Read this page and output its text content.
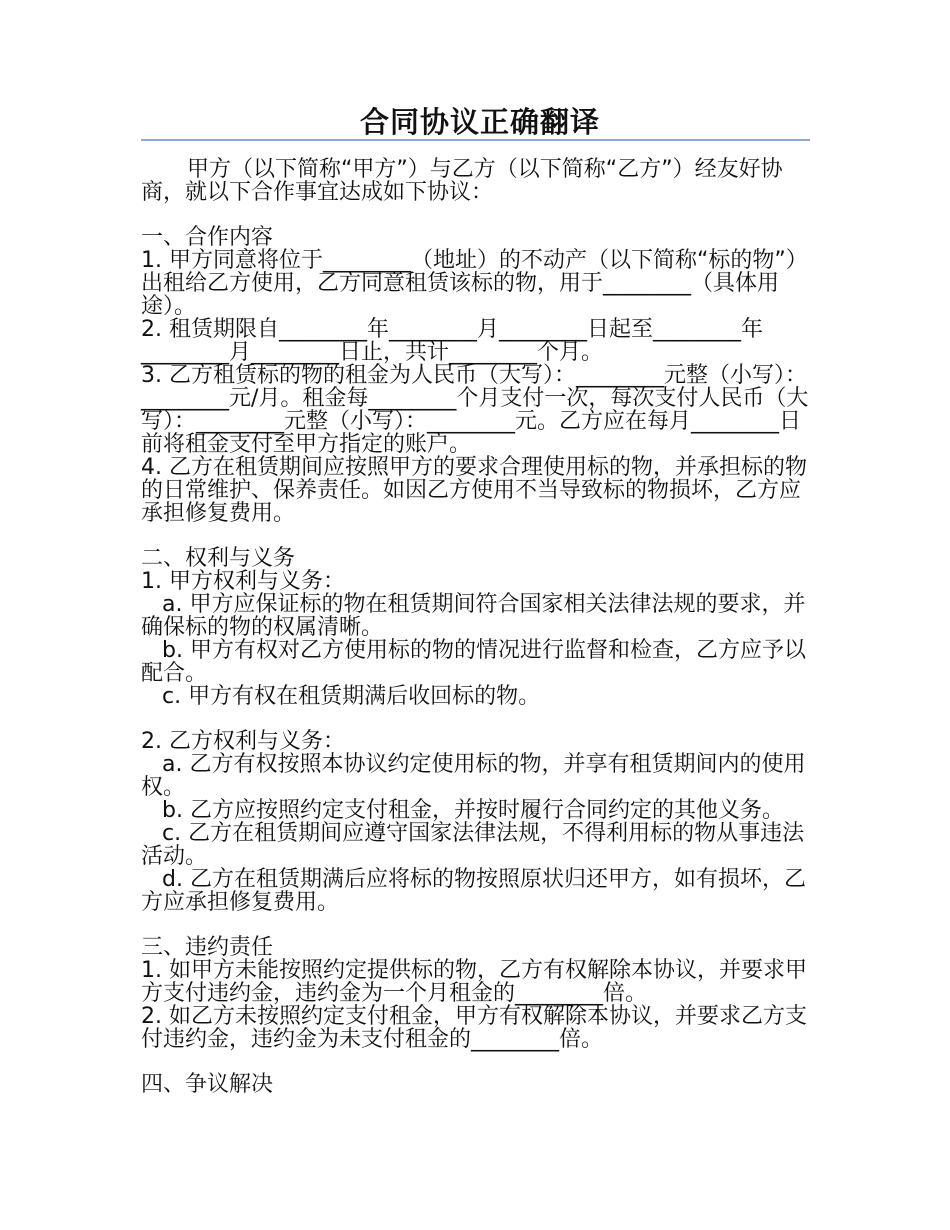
合同协议正确翻译

甲方（以下简称“甲方”）与乙方（以下简称“乙方”）经友好协商，就以下合作事宜达成如下协议：

一、合作内容

1. 甲方同意将位于________（地址）的不动产（以下简称“标的物”）出租给乙方使用，乙方同意租赁该标的物，用于________（具体用途）。

2. 租赁期限自________年________月________日起至________年________月________日止，共计________个月。

3. 乙方租赁标的物的租金为人民币（大写）：________元整（小写）：________元/月。租金每________个月支付一次，每次支付人民币（大写）：________元整（小写）：________元。乙方应在每月________日前将租金支付至甲方指定的账户。

4. 乙方在租赁期间应按照甲方的要求合理使用标的物，并承担标的物的日常维护、保养责任。如因乙方使用不当导致标的物损坏，乙方应承担修复费用。

二、权利与义务

1. 甲方权利与义务：

a. 甲方应保证标的物在租赁期间符合国家相关法律法规的要求，并确保标的物的权属清晰。

b. 甲方有权对乙方使用标的物的情况进行监督和检查，乙方应予以配合。

c. 甲方有权在租赁期满后收回标的物。

2. 乙方权利与义务：

a. 乙方有权按照本协议约定使用标的物，并享有租赁期间内的使用权。

b. 乙方应按照约定支付租金，并按时履行合同约定的其他义务。

c. 乙方在租赁期间应遵守国家法律法规，不得利用标的物从事违法活动。

d. 乙方在租赁期满后应将标的物按照原状归还甲方，如有损坏，乙方应承担修复费用。

三、违约责任

1. 如甲方未能按照约定提供标的物，乙方有权解除本协议，并要求甲方支付违约金，违约金为一个月租金的________倍。

2. 如乙方未按照约定支付租金，甲方有权解除本协议，并要求乙方支付违约金，违约金为未支付租金的________倍。

四、争议解决
